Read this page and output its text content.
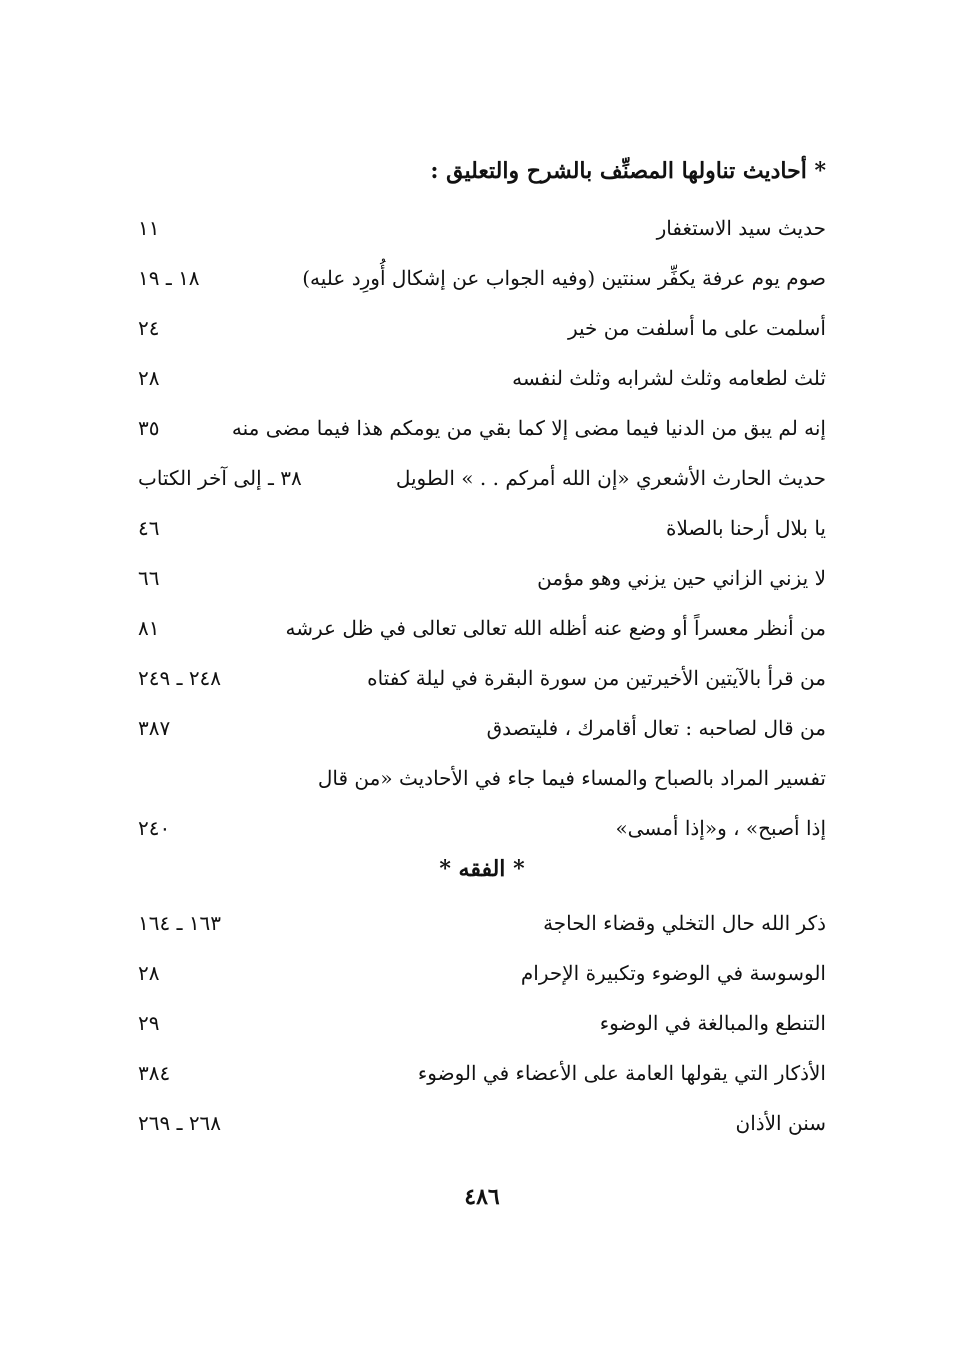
* أحاديث تناولها المصنِّف بالشرح والتعليق :
حديث سيد الاستغفار
١١
صوم يوم عرفة يكفِّر سنتين (وفيه الجواب عن إشكال أُورِد عليه)
١٨ ـ ١٩
أسلمت على ما أسلفت من خير
٢٤
ثلث لطعامه وثلث لشرابه وثلث لنفسه
٢٨
إنه لم يبق من الدنيا فيما مضى إلا كما بقي من يومكم هذا فيما مضى منه
٣٥
حديث الحارث الأشعري «إن الله أمركم . . » الطويل
٣٨ ـ إلى آخر الكتاب
يا بلال أرحنا بالصلاة
٤٦
لا يزني الزاني حين يزني وهو مؤمن
٦٦
من أنظر معسراً أو وضع عنه أظله الله تعالى تعالى في ظل عرشه
٨١
من قرأ بالآيتين الأخيرتين من سورة البقرة في ليلة كفتاه
٢٤٨ ـ ٢٤٩
من قال لصاحبه : تعال أقامرك ، فليتصدق
٣٨٧
تفسير المراد بالصباح والمساء فيما جاء في الأحاديث «من قال
إذا أصبح» ، و«إذا أمسى»
٢٤٠
* الفقه *
ذكر الله حال التخلي وقضاء الحاجة
١٦٣ ـ ١٦٤
الوسوسة في الوضوء وتكبيرة الإحرام
٢٨
التنطع والمبالغة في الوضوء
٢٩
الأذكار التي يقولها العامة على الأعضاء في الوضوء
٣٨٤
سنن الأذان
٢٦٨ ـ ٢٦٩
٤٨٦
